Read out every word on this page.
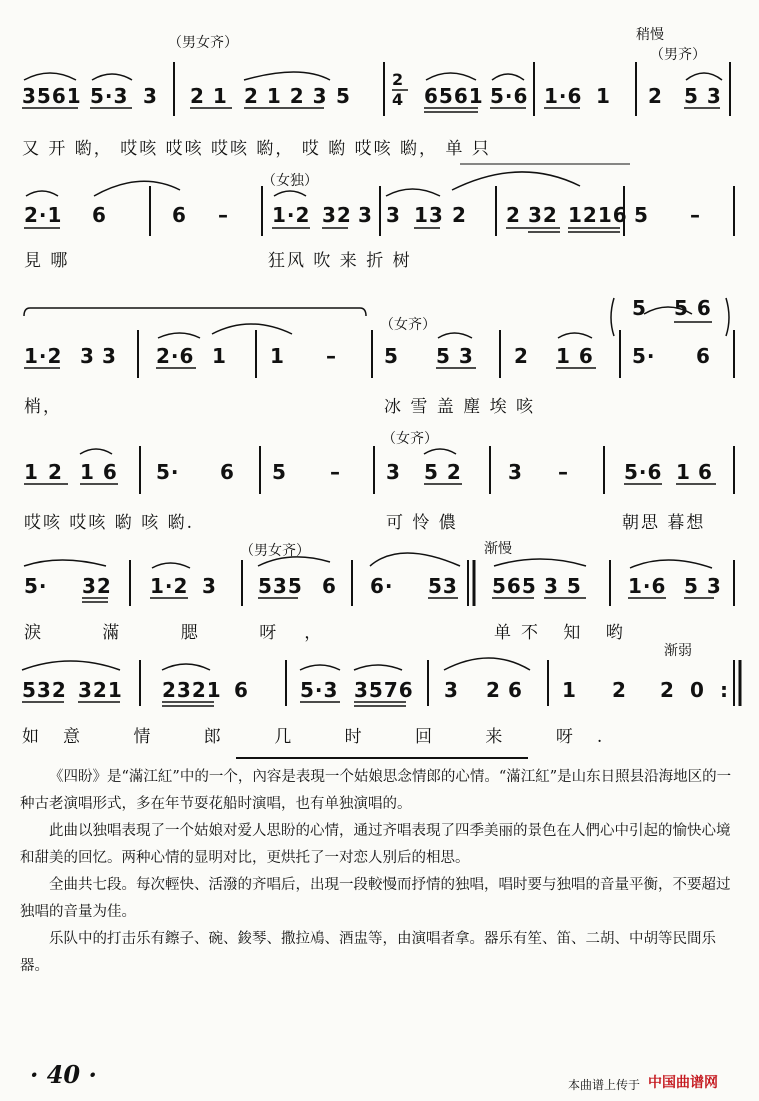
（男女齐）	稍慢
（男齐）
3561 5·3 3 2 1 2 1 2 3 5
2
4 6561 5·6 1·6 1 2 5 3
又 开 喲， 哎咳 哎咳 哎咳 喲， 哎 喲 哎咳 喲， 单 只
（女独）
2·1 6	6 – 1·2 32 3 3 13 2 2 32 1216 5 –
見 哪	狂风 吹 来 折 树
（女齐）
1·2 3 3 2·6 1 1 – 5 5 3 2 1 6 5· 6
5 5 6
梢，	冰 雪 盖 塵 埃 咳
（女齐）
1 2 1 6 5· 6 5 – 3 5 2 3 –	5·6 1 6
哎咳 哎咳 喲 咳 喲.	可 怜 儂	朝思 暮想
（男女齐）	渐慢
5· 32 1·2 3 535 6 6· 53 565 3 5 1·6 5 3
淚 滿 腮 呀，	单不 知 哟
渐弱
532 321 2321 6	5·3 3576 3 2 6 1 2 2 0 :
如意 情 郎 几 时 回 来 呀.

《四盼》是“滿江紅”中的一个，內容是表現一个姑娘思念情郎的心情。“滿江紅”是山东日照县沿海地区的一种古老演唱形式，多在年节耍花船时演唱，也有单独演唱的。

此曲以独唱表現了一个姑娘对爱人思盼的心情，通过齐唱表現了四季美丽的景色在人們心中引起的愉快心境和甜美的回忆。两种心情的显明对比，更烘托了一对恋人别后的相思。

全曲共七段。每次輕快、活潑的齐唱后，出現一段較慢而抒情的独唱，唱时要与独唱的音量平衡，不要超过独唱的音量为佳。

乐队中的打击乐有鑔子、碗、鋑琴、撒拉鳰、酒盅等，由演唱者拿。器乐有笙、笛、二胡、中胡等民間乐器。

· 40 ·	本曲谱上传于 中国曲谱网
